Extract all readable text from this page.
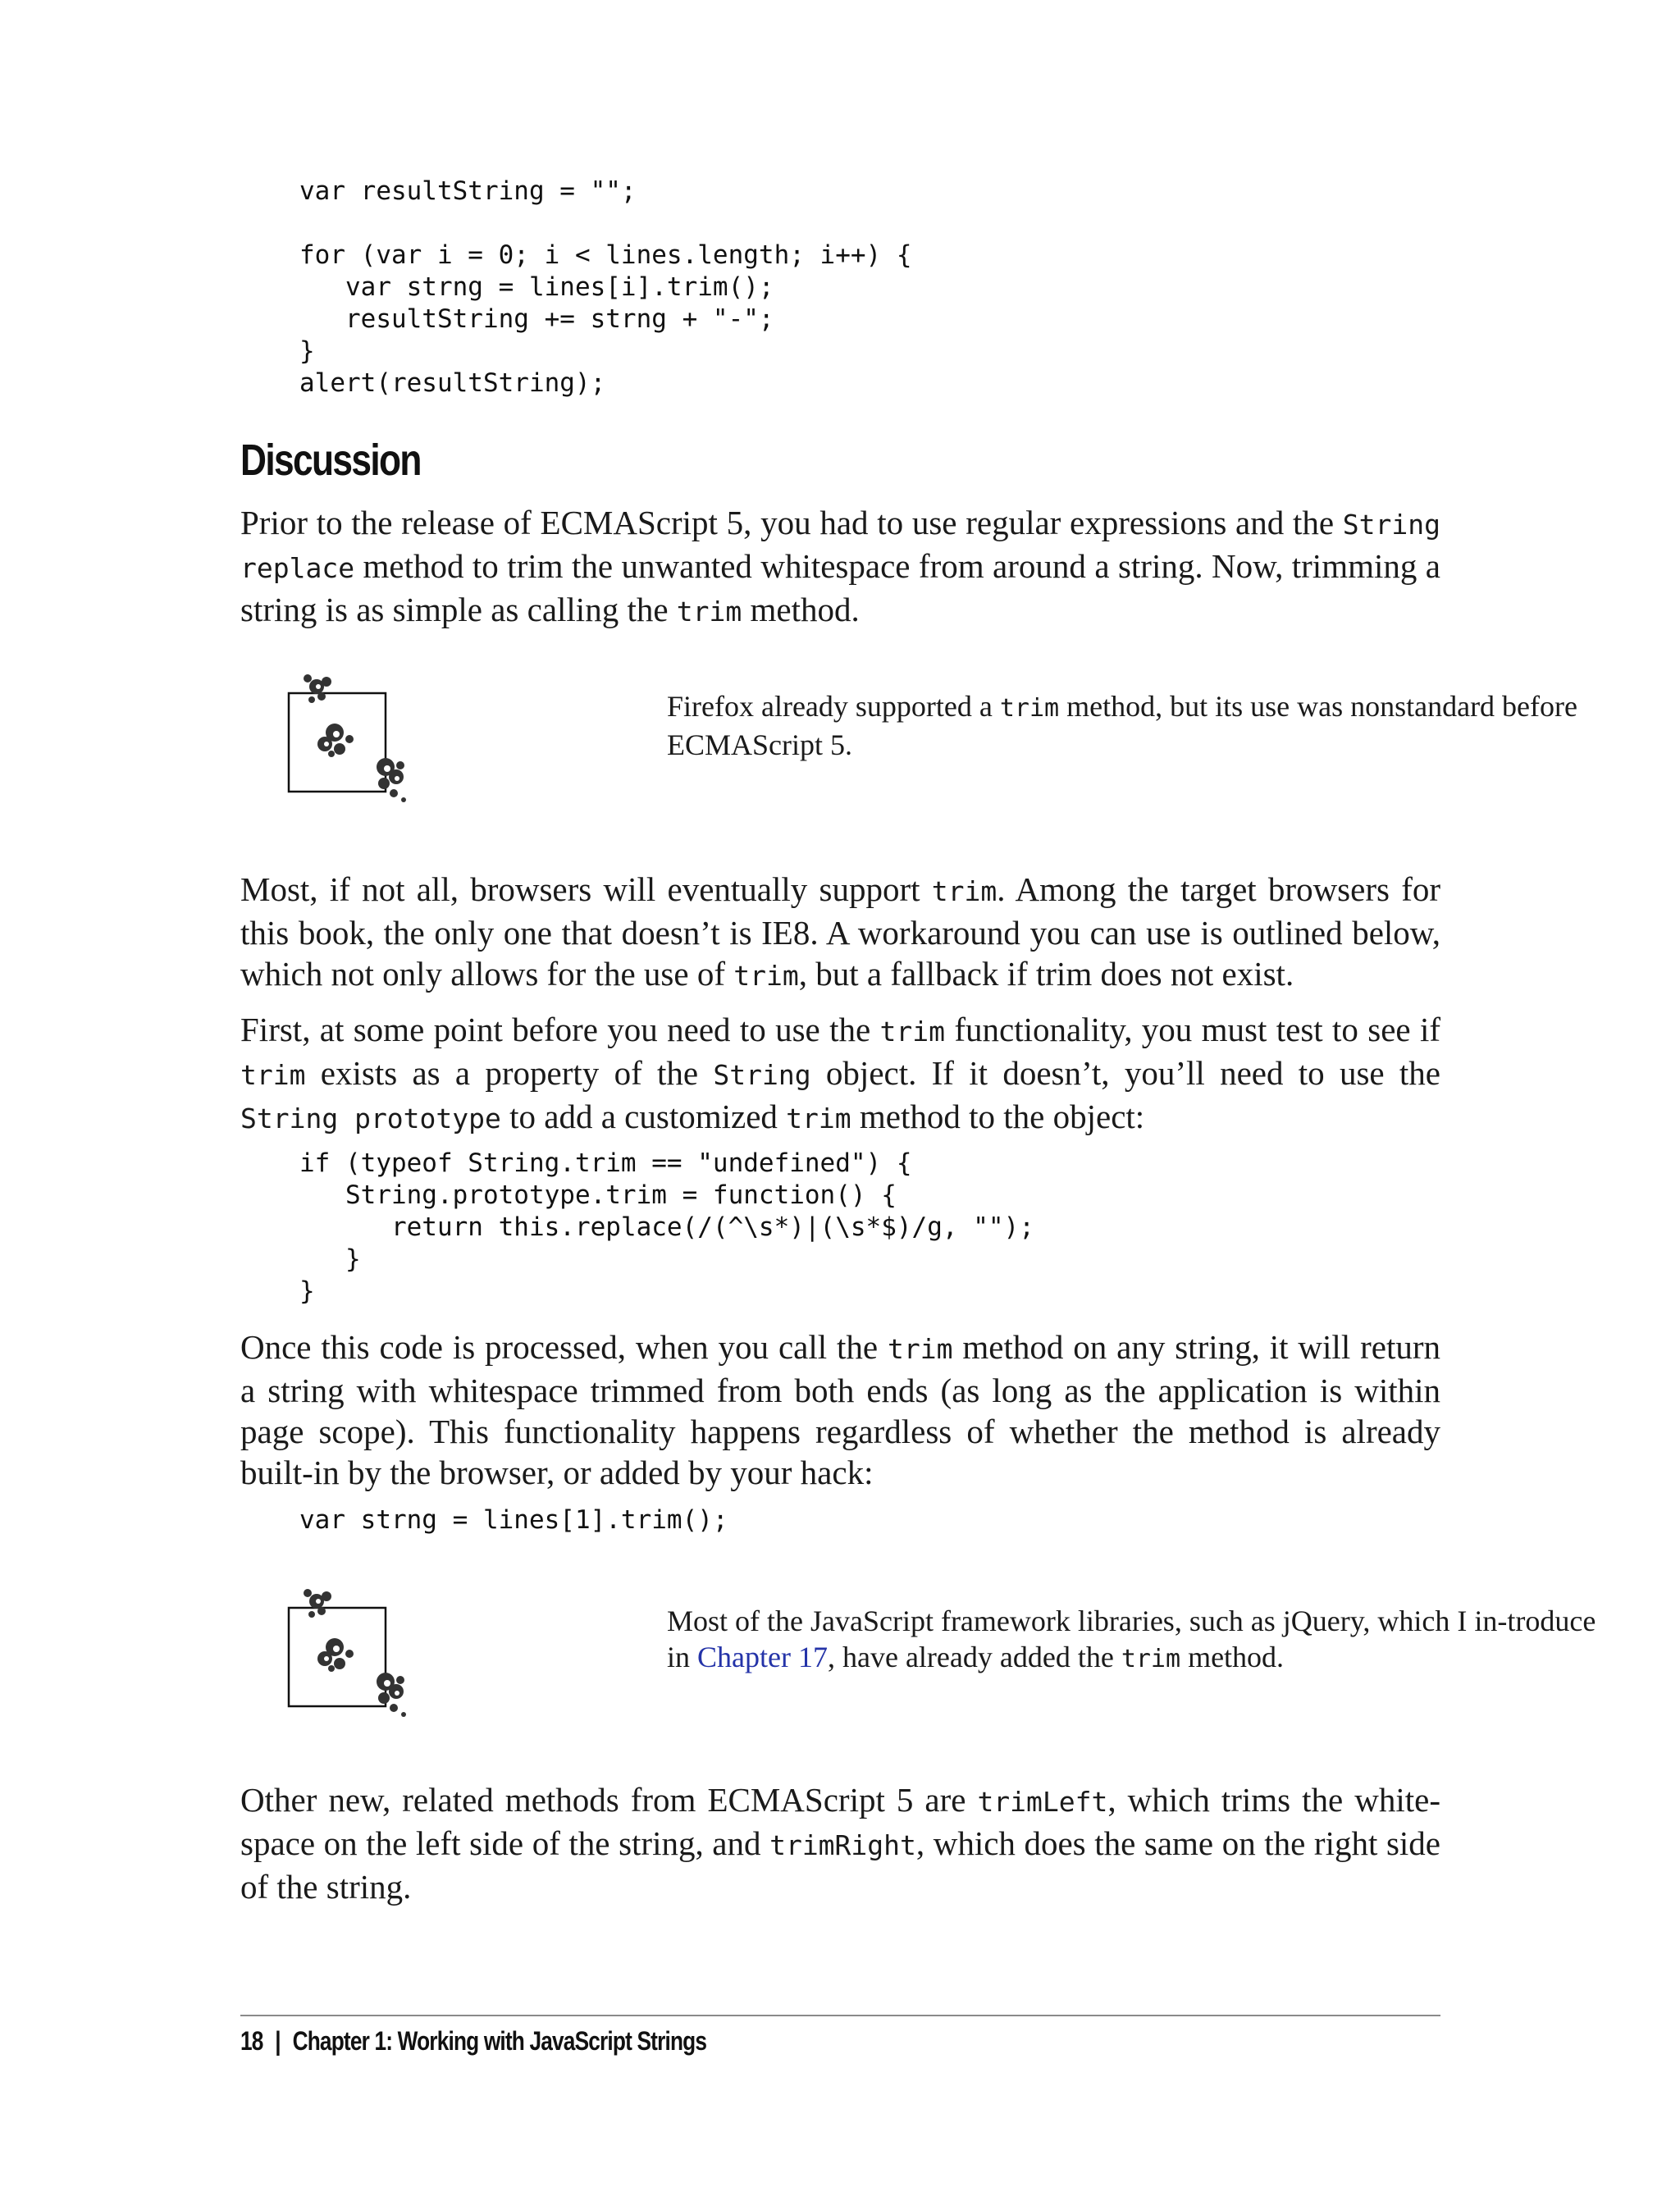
var resultString = "";

for (var i = 0; i < lines.length; i++) {
var strng = lines[i].trim();
resultString += strng + "-";
}
alert(resultString);
Discussion

Prior to the release of ECMAScript 5, you had to use regular expressions and the String replace method to trim the unwanted whitespace from around a string. Now, trimming a string is as simple as calling the trim method.

Firefox already supported a trim method, but its use was nonstandard before ECMAScript 5.

Most, if not all, browsers will eventually support trim. Among the target browsers for this book, the only one that doesn’t is IE8. A workaround you can use is outlined below, which not only allows for the use of trim, but a fallback if trim does not exist.

First, at some point before you need to use the trim functionality, you must test to see if trim exists as a property of the String object. If it doesn’t, you’ll need to use the String prototype to add a customized trim method to the object:

if (typeof String.trim == "undefined") {
String.prototype.trim = function() {
return this.replace(/(^\s*)|(\s*$)/g, "");
}
}

Once this code is processed, when you call the trim method on any string, it will return a string with whitespace trimmed from both ends (as long as the application is within page scope). This functionality happens regardless of whether the method is already built-in by the browser, or added by your hack:

var strng = lines[1].trim();

Most of the JavaScript framework libraries, such as jQuery, which I in-troduce in Chapter 17, have already added the trim method.

Other new, related methods from ECMAScript 5 are trimLeft, which trims the white-space on the left side of the string, and trimRight, which does the same on the right side of the string.

18 | Chapter 1: Working with JavaScript Strings
